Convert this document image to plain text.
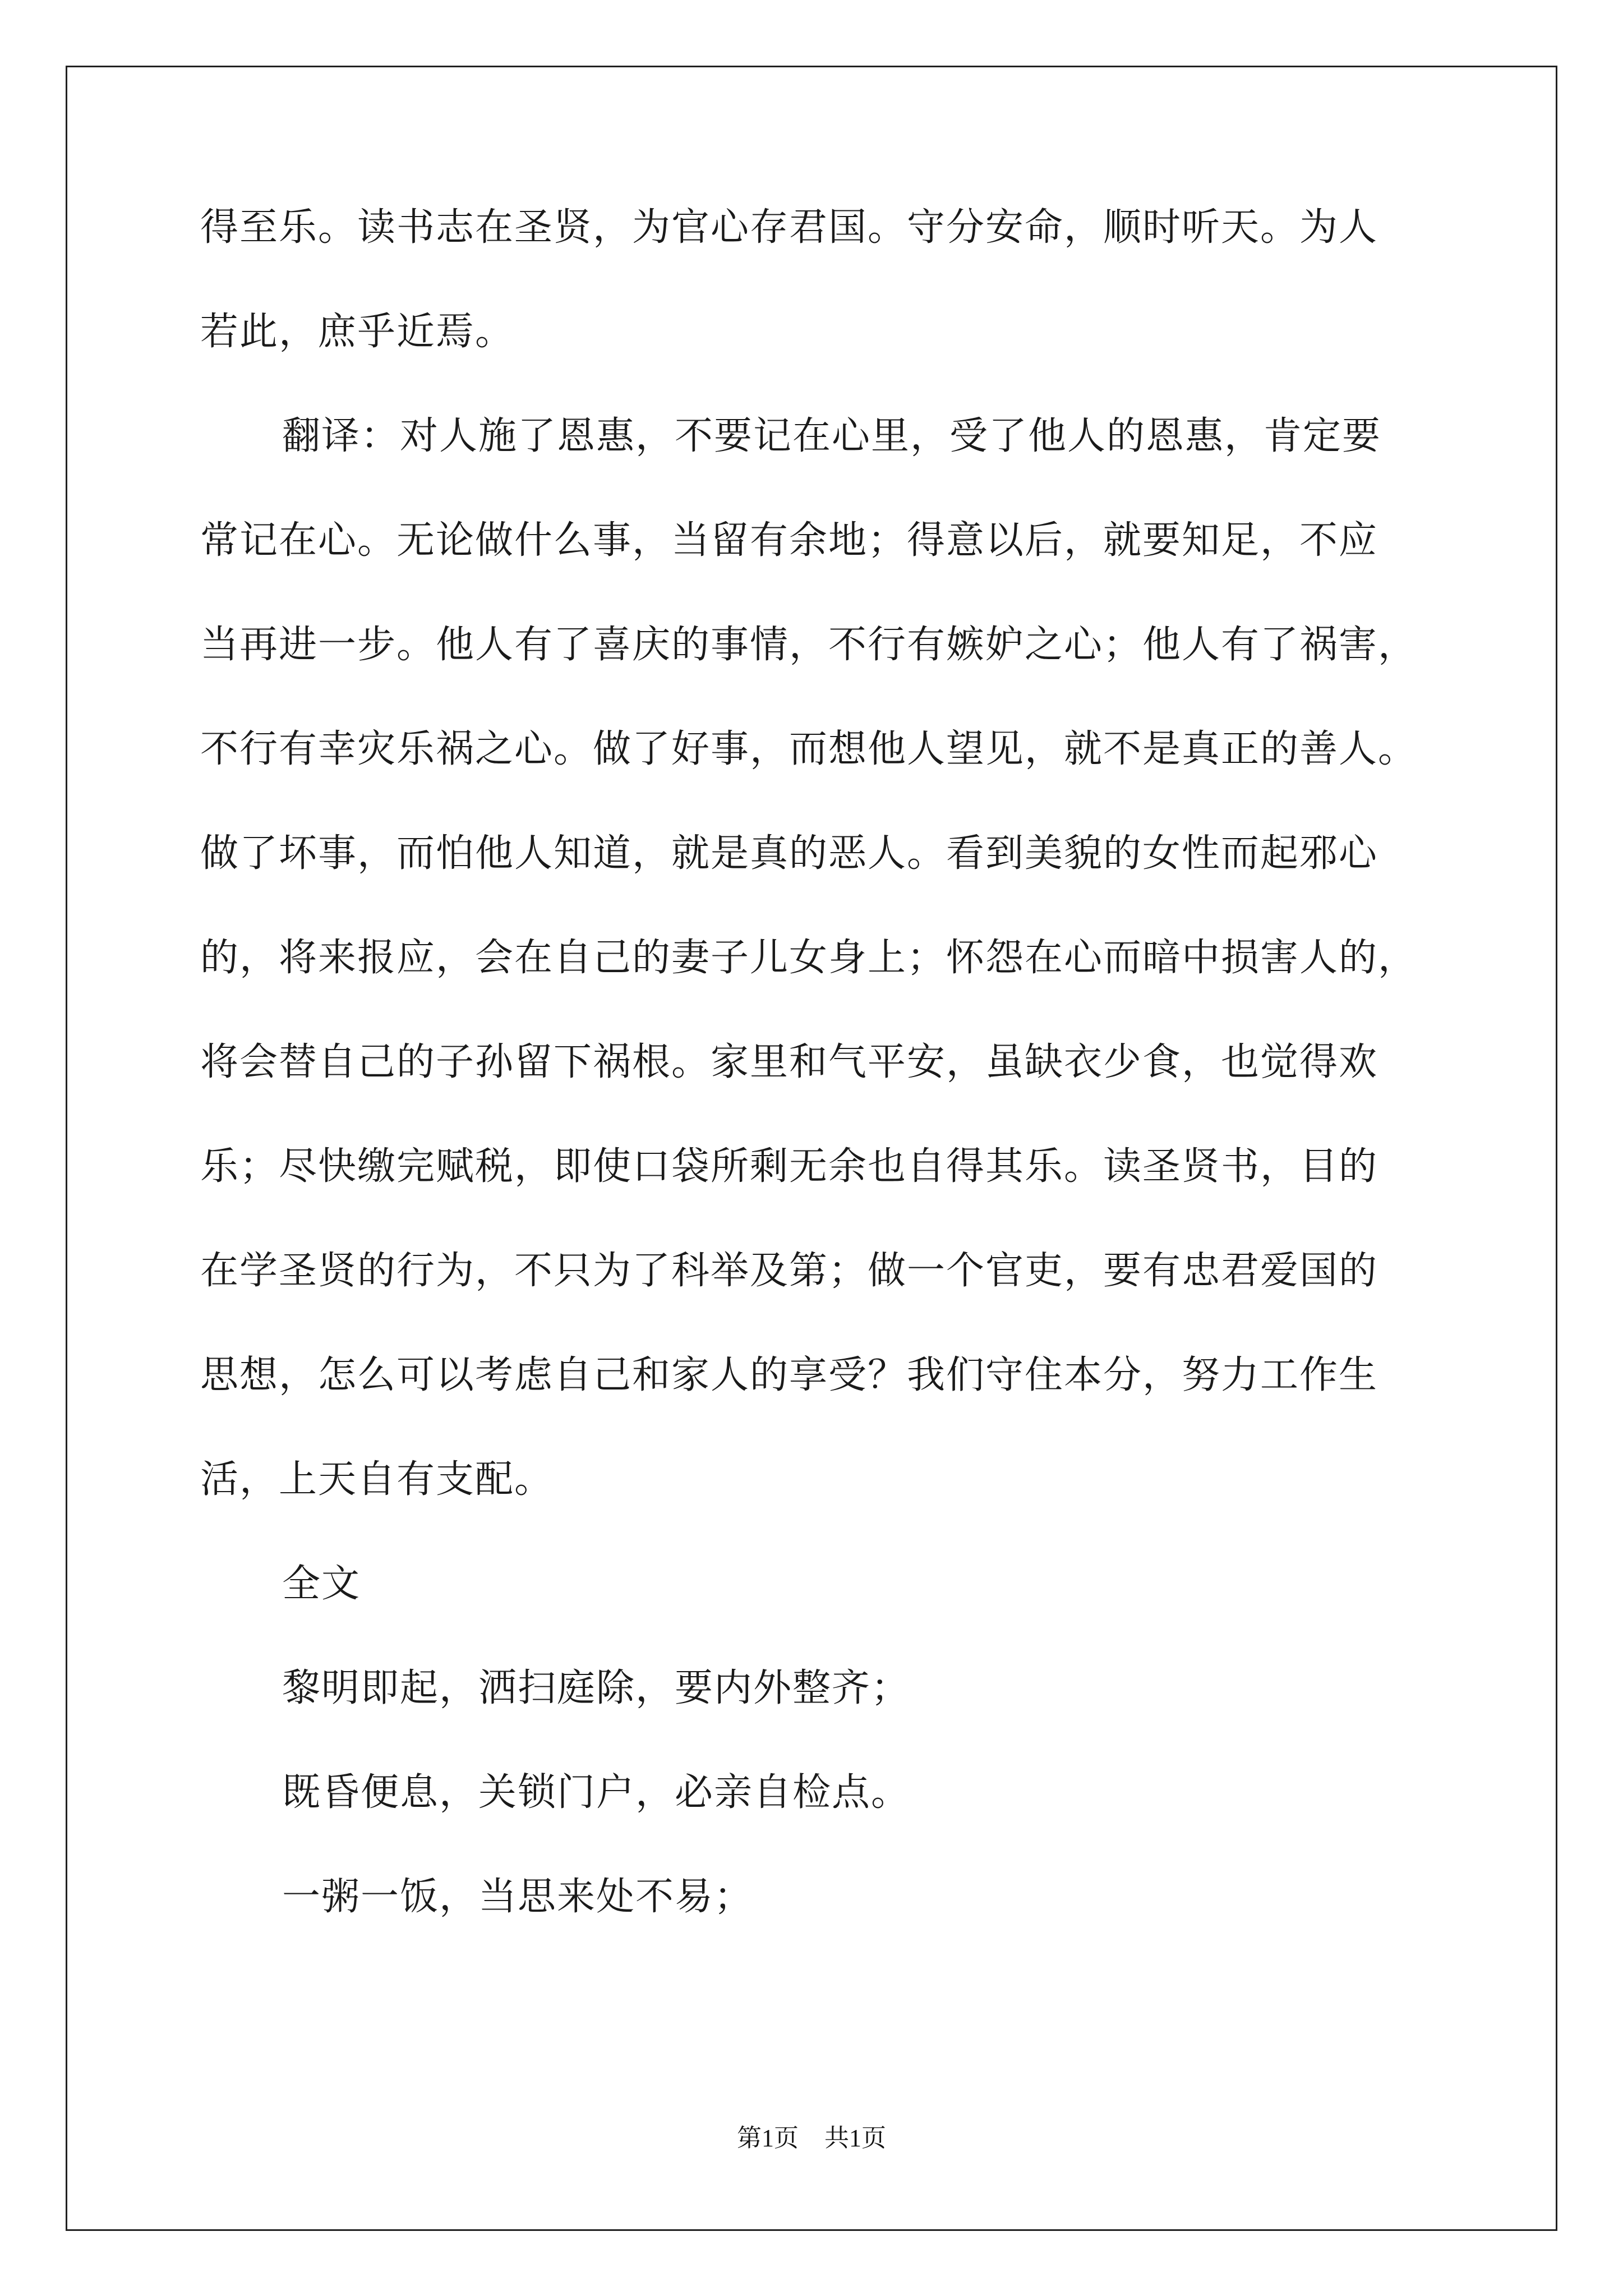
得至乐。读书志在圣贤，为官心存君国。守分安命，顺时听天。为人
若此，庶乎近焉。
翻译：对人施了恩惠，不要记在心里，受了他人的恩惠，肯定要
常记在心。无论做什么事，当留有余地；得意以后，就要知足，不应
当再进一步。他人有了喜庆的事情，不行有嫉妒之心；他人有了祸害，
不行有幸灾乐祸之心。做了好事，而想他人望见，就不是真正的善人。
做了坏事，而怕他人知道，就是真的恶人。看到美貌的女性而起邪心
的，将来报应，会在自己的妻子儿女身上；怀怨在心而暗中损害人的，
将会替自己的子孙留下祸根。家里和气平安，虽缺衣少食，也觉得欢
乐；尽快缴完赋税，即使口袋所剩无余也自得其乐。读圣贤书，目的
在学圣贤的行为，不只为了科举及第；做一个官吏，要有忠君爱国的
思想，怎么可以考虑自己和家人的享受？我们守住本分，努力工作生
活，上天自有支配。
全文
黎明即起，洒扫庭除，要内外整齐；
既昏便息，关锁门户，必亲自检点。
一粥一饭，当思来处不易；
第1页 共1页
